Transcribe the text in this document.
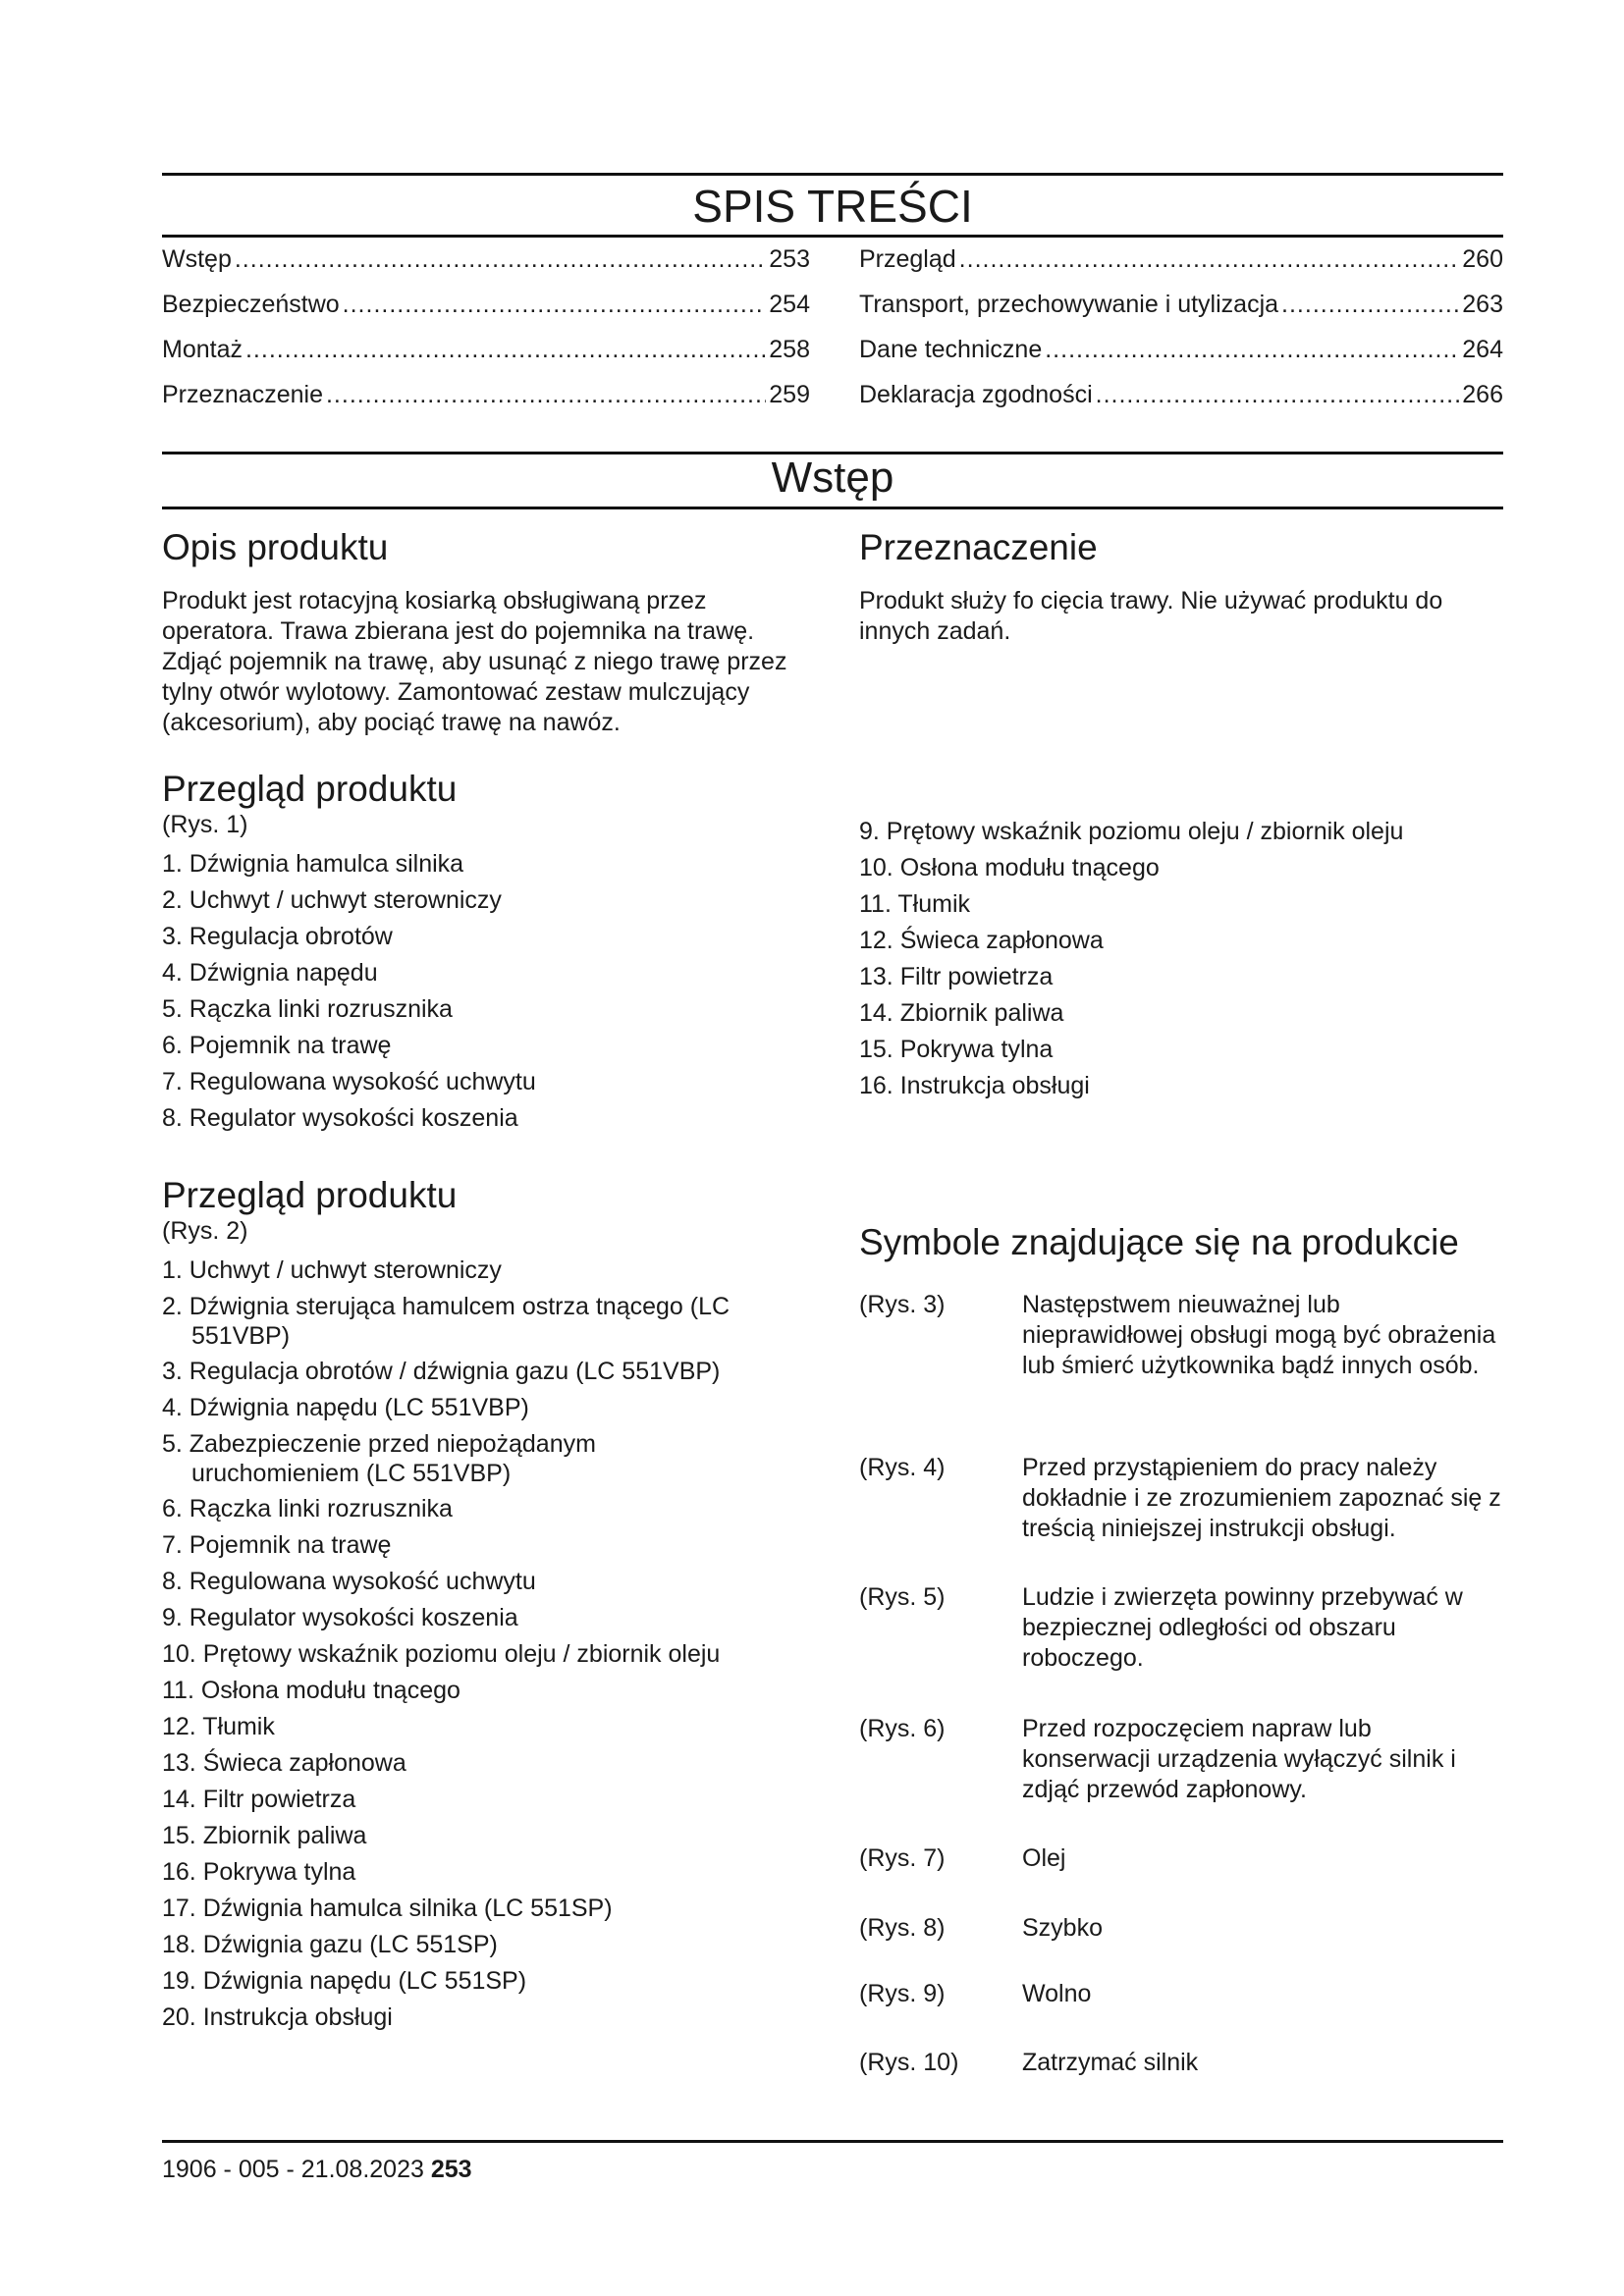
SPIS TREŚCI
Wstęp .....	253
Bezpieczeństwo .....	254
Montaż .....	258
Przeznaczenie .....	259
Przegląd .....	260
Transport, przechowywanie i utylizacja .....	263
Dane techniczne .....	264
Deklaracja zgodności .....	266
Wstęp
Opis produktu

Produkt jest rotacyjną kosiarką obsługiwaną przez operatora. Trawa zbierana jest do pojemnika na trawę. Zdjąć pojemnik na trawę, aby usunąć z niego trawę przez tylny otwór wylotowy. Zamontować zestaw mulczujący (akcesorium), aby pociąć trawę na nawóz.

Przeznaczenie

Produkt służy fo cięcia trawy. Nie używać produktu do innych zadań.

Przegląd produktu

(Rys. 1)

1. Dźwignia hamulca silnika
2. Uchwyt / uchwyt sterowniczy
3. Regulacja obrotów
4. Dźwignia napędu
5. Rączka linki rozrusznika
6. Pojemnik na trawę
7. Regulowana wysokość uchwytu
8. Regulator wysokości koszenia
9. Prętowy wskaźnik poziomu oleju / zbiornik oleju
10. Osłona modułu tnącego
11. Tłumik
12. Świeca zapłonowa
13. Filtr powietrza
14. Zbiornik paliwa
15. Pokrywa tylna
16. Instrukcja obsługi
Przegląd produktu

(Rys. 2)

1. Uchwyt / uchwyt sterowniczy
2. Dźwignia sterująca hamulcem ostrza tnącego (LC 551VBP)
3. Regulacja obrotów / dźwignia gazu (LC 551VBP)
4. Dźwignia napędu (LC 551VBP)
5. Zabezpieczenie przed niepożądanym uruchomieniem (LC 551VBP)
6. Rączka linki rozrusznika
7. Pojemnik na trawę
8. Regulowana wysokość uchwytu
9. Regulator wysokości koszenia
10. Prętowy wskaźnik poziomu oleju / zbiornik oleju
11. Osłona modułu tnącego
12. Tłumik
13. Świeca zapłonowa
14. Filtr powietrza
15. Zbiornik paliwa
16. Pokrywa tylna
17. Dźwignia hamulca silnika (LC 551SP)
18. Dźwignia gazu (LC 551SP)
19. Dźwignia napędu (LC 551SP)
20. Instrukcja obsługi
Symbole znajdujące się na produkcie
(Rys. 3)	Następstwem nieuważnej lub nieprawidłowej obsługi mogą być obrażenia lub śmierć użytkownika bądź innych osób.
(Rys. 4)	Przed przystąpieniem do pracy należy dokładnie i ze zrozumieniem zapoznać się z treścią niniejszej instrukcji obsługi.
(Rys. 5)	Ludzie i zwierzęta powinny przebywać w bezpiecznej odległości od obszaru roboczego.
(Rys. 6)	Przed rozpoczęciem napraw lub konserwacji urządzenia wyłączyć silnik i zdjąć przewód zapłonowy.
(Rys. 7)	Olej
(Rys. 8)	Szybko
(Rys. 9)	Wolno
(Rys. 10)	Zatrzymać silnik
1906 - 005 - 21.08.2023 253
